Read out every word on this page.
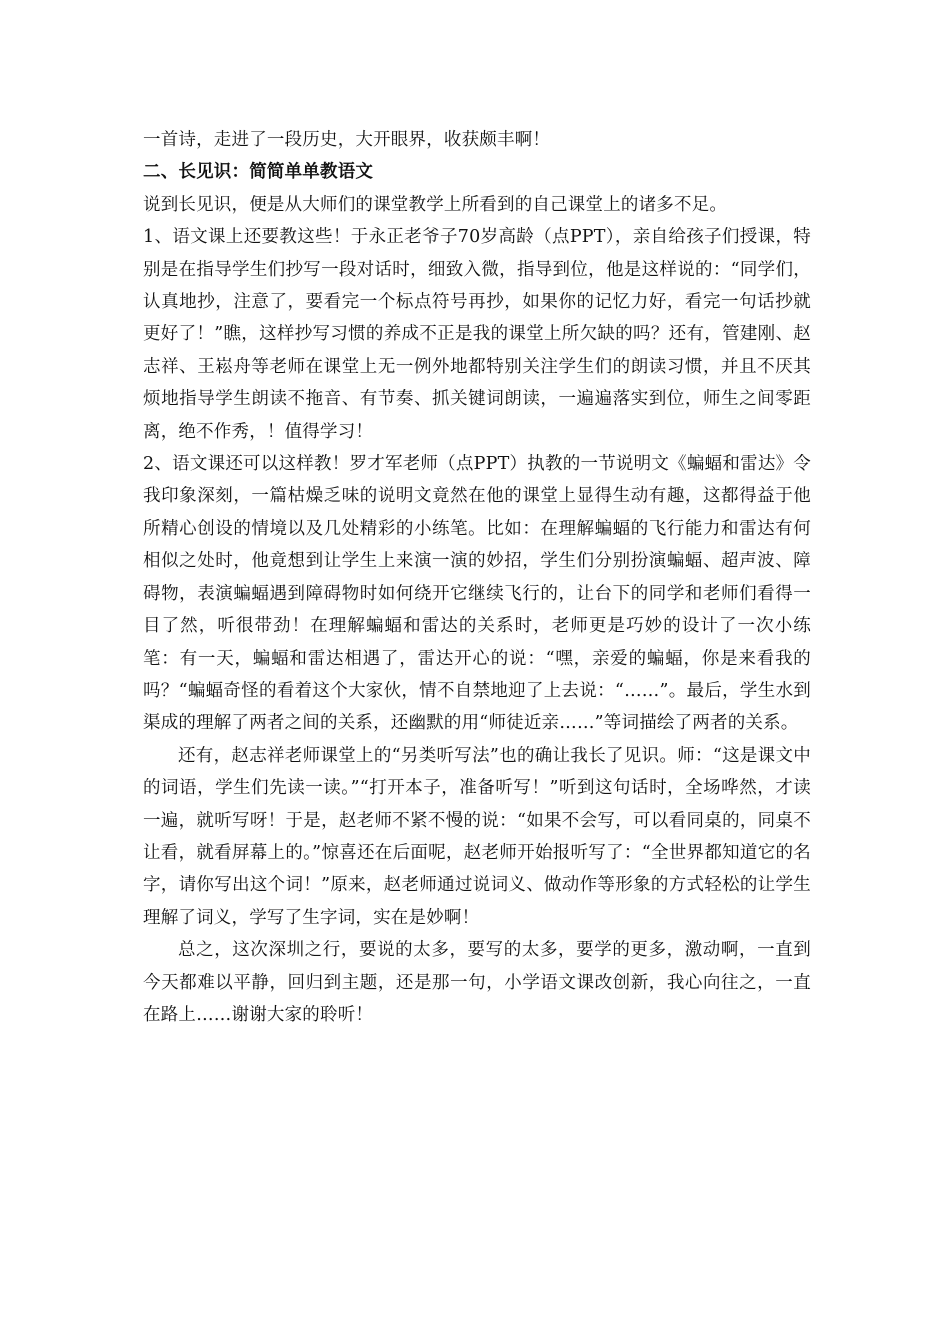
一首诗，走进了一段历史，大开眼界，收获颇丰啊！

二、长见识：简简单单教语文

说到长见识，便是从大师们的课堂教学上所看到的自己课堂上的诸多不足。

1、语文课上还要教这些！于永正老爷子70岁高龄（点PPT），亲自给孩子们授课，特别是在指导学生们抄写一段对话时，细致入微，指导到位，他是这样说的：“同学们，认真地抄，注意了，要看完一个标点符号再抄，如果你的记忆力好，看完一句话抄就更好了！”瞧，这样抄写习惯的养成不正是我的课堂上所欠缺的吗？还有，管建刚、赵志祥、王崧舟等老师在课堂上无一例外地都特别关注学生们的朗读习惯，并且不厌其烦地指导学生朗读不拖音、有节奏、抓关键词朗读，一遍遍落实到位，师生之间零距离，绝不作秀，！值得学习！

2、语文课还可以这样教！罗才军老师（点PPT）执教的一节说明文《蝙蝠和雷达》令我印象深刻，一篇枯燥乏味的说明文竟然在他的课堂上显得生动有趣，这都得益于他所精心创设的情境以及几处精彩的小练笔。比如：在理解蝙蝠的飞行能力和雷达有何相似之处时，他竟想到让学生上来演一演的妙招，学生们分别扮演蝙蝠、超声波、障碍物，表演蝙蝠遇到障碍物时如何绕开它继续飞行的，让台下的同学和老师们看得一目了然，听很带劲！在理解蝙蝠和雷达的关系时，老师更是巧妙的设计了一次小练笔：有一天，蝙蝠和雷达相遇了，雷达开心的说：“嘿，亲爱的蝙蝠，你是来看我的吗？“蝙蝠奇怪的看着这个大家伙，情不自禁地迎了上去说：“……”。最后，学生水到渠成的理解了两者之间的关系，还幽默的用“师徒近亲……”等词描绘了两者的关系。

还有，赵志祥老师课堂上的“另类听写法”也的确让我长了见识。师：“这是课文中的词语，学生们先读一读。”“打开本子，准备听写！”听到这句话时，全场哗然，才读一遍，就听写呀！于是，赵老师不紧不慢的说：“如果不会写，可以看同桌的，同桌不让看，就看屏幕上的。”惊喜还在后面呢，赵老师开始报听写了：“全世界都知道它的名字，请你写出这个词！”原来，赵老师通过说词义、做动作等形象的方式轻松的让学生理解了词义，学写了生字词，实在是妙啊！

总之，这次深圳之行，要说的太多，要写的太多，要学的更多，激动啊，一直到今天都难以平静，回归到主题，还是那一句，小学语文课改创新，我心向往之，一直在路上……谢谢大家的聆听！
